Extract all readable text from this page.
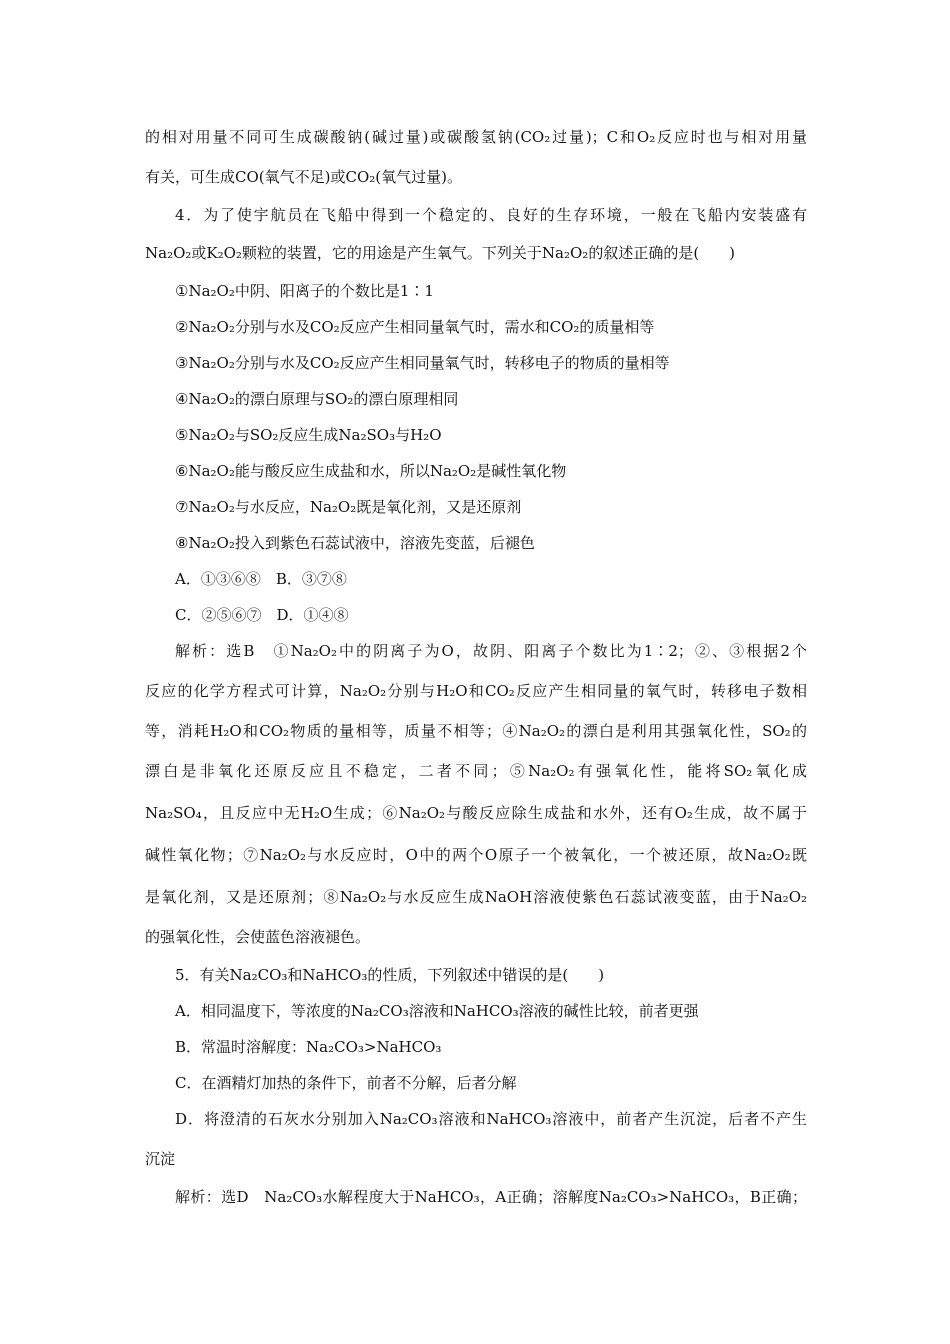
的相对用量不同可生成碳酸钠(碱过量)或碳酸氢钠(CO₂过量)；C和O₂反应时也与相对用量
有关，可生成CO(氧气不足)或CO₂(氧气过量)。
4．为了使宇航员在飞船中得到一个稳定的、良好的生存环境，一般在飞船内安装盛有
Na₂O₂或K₂O₂颗粒的装置，它的用途是产生氧气。下列关于Na₂O₂的叙述正确的是(　　)
①Na₂O₂中阴、阳离子的个数比是1∶1
②Na₂O₂分别与水及CO₂反应产生相同量氧气时，需水和CO₂的质量相等
③Na₂O₂分别与水及CO₂反应产生相同量氧气时，转移电子的物质的量相等
④Na₂O₂的漂白原理与SO₂的漂白原理相同
⑤Na₂O₂与SO₂反应生成Na₂SO₃与H₂O
⑥Na₂O₂能与酸反应生成盐和水，所以Na₂O₂是碱性氧化物
⑦Na₂O₂与水反应，Na₂O₂既是氧化剂，又是还原剂
⑧Na₂O₂投入到紫色石蕊试液中，溶液先变蓝，后褪色
A．①③⑥⑧　B．③⑦⑧
C．②⑤⑥⑦　D．①④⑧
解析：选B　①Na₂O₂中的阴离子为O，故阴、阳离子个数比为1∶2；②、③根据2个
反应的化学方程式可计算，Na₂O₂分别与H₂O和CO₂反应产生相同量的氧气时，转移电子数相
等，消耗H₂O和CO₂物质的量相等，质量不相等；④Na₂O₂的漂白是利用其强氧化性，SO₂的
漂白是非氧化还原反应且不稳定，二者不同；⑤Na₂O₂有强氧化性，能将SO₂氧化成
Na₂SO₄，且反应中无H₂O生成；⑥Na₂O₂与酸反应除生成盐和水外，还有O₂生成，故不属于
碱性氧化物；⑦Na₂O₂与水反应时，O中的两个O原子一个被氧化，一个被还原，故Na₂O₂既
是氧化剂，又是还原剂；⑧Na₂O₂与水反应生成NaOH溶液使紫色石蕊试液变蓝，由于Na₂O₂
的强氧化性，会使蓝色溶液褪色。
5．有关Na₂CO₃和NaHCO₃的性质，下列叙述中错误的是(　　)
A．相同温度下，等浓度的Na₂CO₃溶液和NaHCO₃溶液的碱性比较，前者更强
B．常温时溶解度：Na₂CO₃>NaHCO₃
C．在酒精灯加热的条件下，前者不分解，后者分解
D．将澄清的石灰水分别加入Na₂CO₃溶液和NaHCO₃溶液中，前者产生沉淀，后者不产生
沉淀
解析：选D　Na₂CO₃水解程度大于NaHCO₃，A正确；溶解度Na₂CO₃>NaHCO₃，B正确；
